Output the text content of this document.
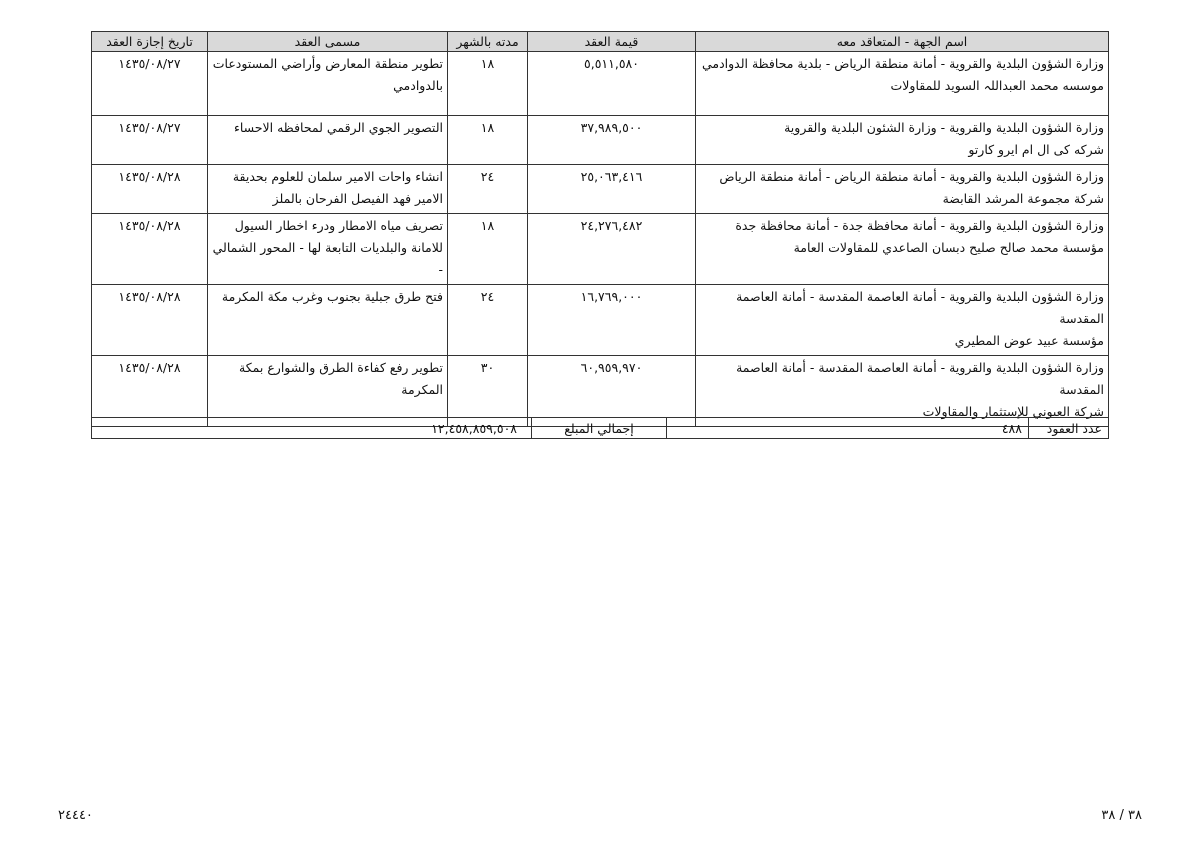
اسم الجهة - المتعاقد معه	قيمة العقد	مدته بالشهر	مسمى العقد	تاريخ إجازة العقد

وزارة الشؤون البلدية والقروية - أمانة منطقة الرياض - بلدية محافظة الدوادمي
موسسه محمد العبداللہ السويد للمقاولات	٥,٥١١,٥٨٠	١٨	تطوير منطقة المعارض وأراضي المستودعات بالدوادمي	١٤٣٥/٠٨/٢٧

وزارة الشؤون البلدية والقروية - وزارة الشئون البلدية والقروية
شركه كى ال ام ايرو كارتو	٣٧,٩٨٩,٥٠٠	١٨	التصوير الجوي الرقمي لمحافظه الاحساء	١٤٣٥/٠٨/٢٧

وزارة الشؤون البلدية والقروية - أمانة منطقة الرياض - أمانة منطقة الرياض
شركة مجموعة المرشد القابضة	٢٥,٠٦٣,٤١٦	٢٤	انشاء واحات الامير سلمان للعلوم بحديقة الامير فهد الفيصل الفرحان بالملز	١٤٣٥/٠٨/٢٨

وزارة الشؤون البلدية والقروية - أمانة محافظة جدة - أمانة محافظة جدة
مؤسسة محمد صالح صليح دبسان الصاعدي للمقاولات العامة	٢٤,٢٧٦,٤٨٢	١٨	تصريف مياه الامطار ودرء اخطار السيول للامانة والبلديات التابعة لها - المحور الشمالي -	١٤٣٥/٠٨/٢٨

وزارة الشؤون البلدية والقروية - أمانة العاصمة المقدسة - أمانة العاصمة المقدسة
مؤسسة عبيد عوض المطيري	١٦,٧٦٩,٠٠٠	٢٤	فتح طرق جبلية بجنوب وغرب مكة المكرمة	١٤٣٥/٠٨/٢٨

وزارة الشؤون البلدية والقروية - أمانة العاصمة المقدسة - أمانة العاصمة المقدسة
شركة العيوني للإستثمار والمقاولات	٦٠,٩٥٩,٩٧٠	٣٠	تطوير رفع كفاءة الطرق والشوارع بمكة المكرمة	١٤٣٥/٠٨/٢٨
عدد العقود	٤٨٨	إجمالي المبلغ	١٢,٤٥٨,٨٥٩,٥٠٨
٢٤٤٤٠	٣٨ / ٣٨
